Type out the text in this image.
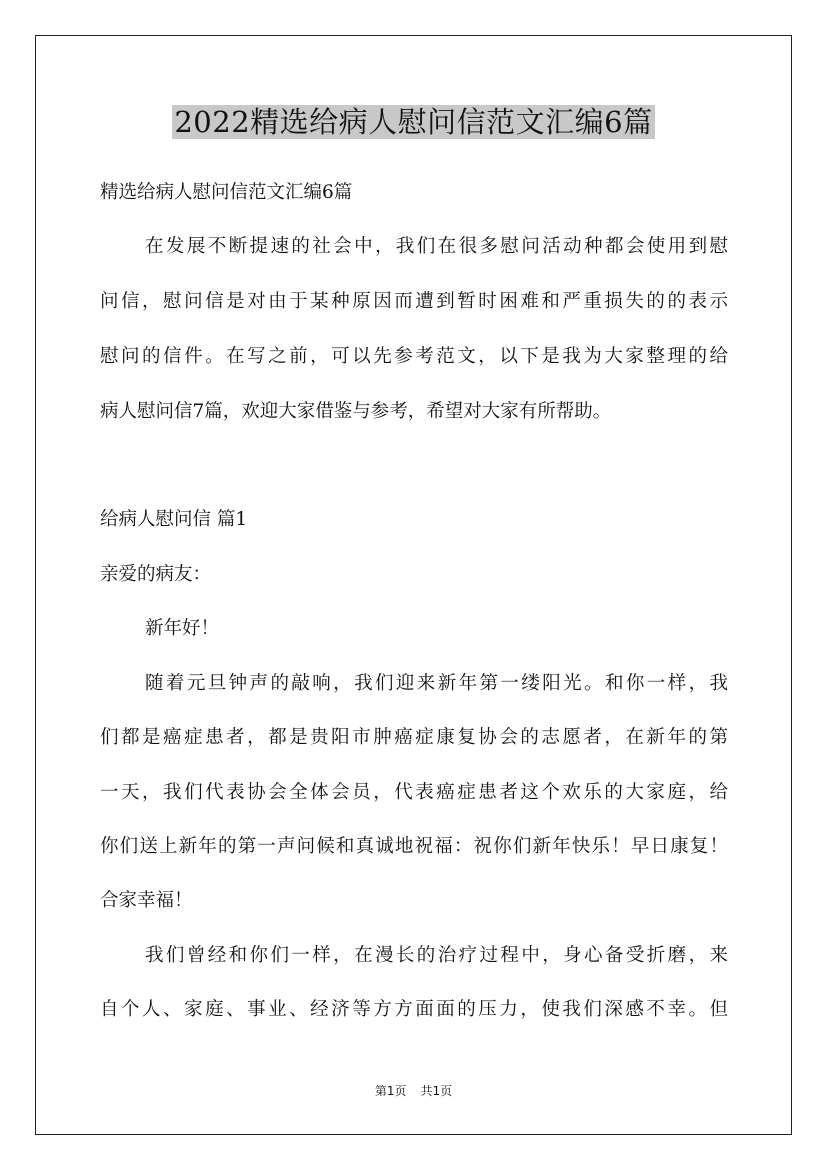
2022精选给病人慰问信范文汇编6篇

精选给病人慰问信范文汇编6篇

在发展不断提速的社会中，我们在很多慰问活动种都会使用到慰

问信，慰问信是对由于某种原因而遭到暂时困难和严重损失的的表示

慰问的信件。在写之前，可以先参考范文，以下是我为大家整理的给

病人慰问信7篇，欢迎大家借鉴与参考，希望对大家有所帮助。

给病人慰问信 篇1

亲爱的病友：

新年好！

随着元旦钟声的敲响，我们迎来新年第一缕阳光。和你一样，我

们都是癌症患者，都是贵阳市肿癌症康复协会的志愿者，在新年的第

一天，我们代表协会全体会员，代表癌症患者这个欢乐的大家庭，给

你们送上新年的第一声问候和真诚地祝福：祝你们新年快乐！早日康复！

合家幸福！

我们曾经和你们一样，在漫长的治疗过程中，身心备受折磨，来

自个人、家庭、事业、经济等方方面面的压力，使我们深感不幸。但

第1页 共1页
